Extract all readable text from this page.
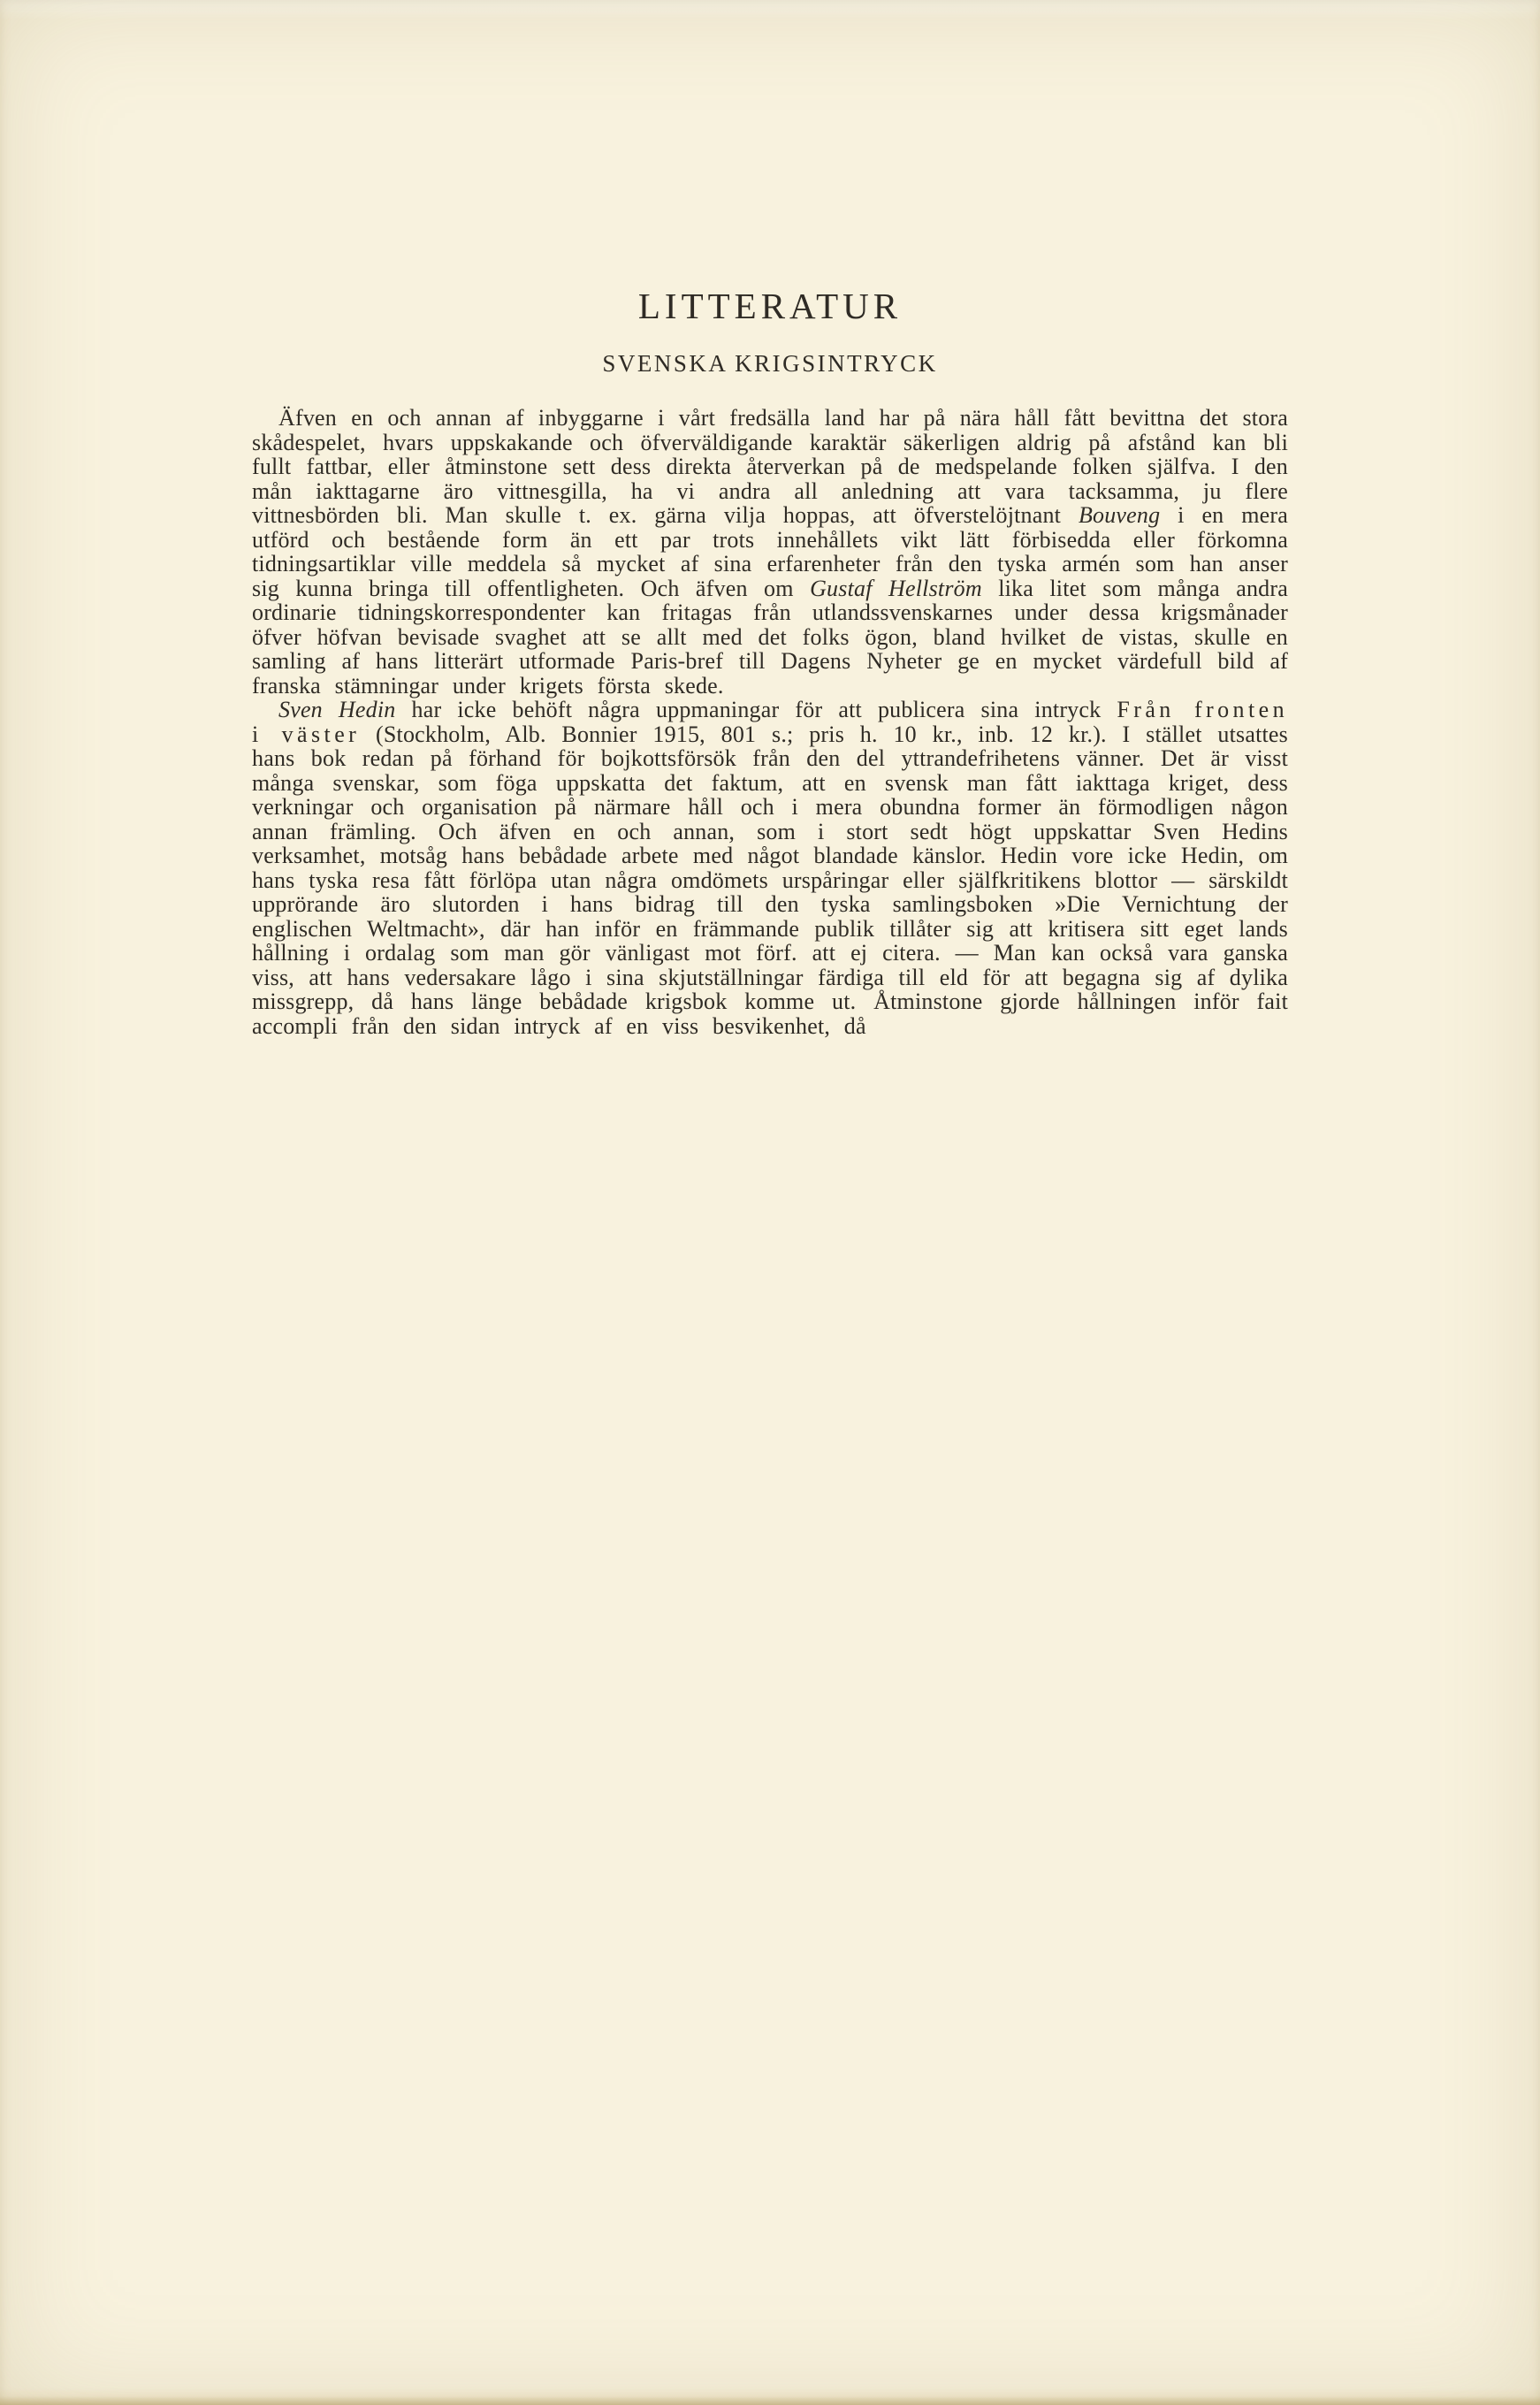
LITTERATUR
SVENSKA KRIGSINTRYCK

Äfven en och annan af inbyggarne i vårt fredsälla land har på nära håll fått bevittna det stora skådespelet, hvars uppskakande och öfverväldigande karaktär säkerligen aldrig på afstånd kan bli fullt fattbar, eller åtminstone sett dess direkta återverkan på de medspelande folken själfva. I den mån iakttagarne äro vittnesgilla, ha vi andra all anledning att vara tacksamma, ju flere vittnesbörden bli. Man skulle t. ex. gärna vilja hoppas, att öfverstelöjtnant Bouveng i en mera utförd och bestående form än ett par trots innehållets vikt lätt förbisedda eller förkomna tidningsartiklar ville meddela så mycket af sina erfarenheter från den tyska armén som han anser sig kunna bringa till offentligheten. Och äfven om Gustaf Hellström lika litet som många andra ordinarie tidningskorrespondenter kan fritagas från utlandssvenskarnes under dessa krigsmånader öfver höfvan bevisade svaghet att se allt med det folks ögon, bland hvilket de vistas, skulle en samling af hans litterärt utformade Paris-bref till Dagens Nyheter ge en mycket värdefull bild af franska stämningar under krigets första skede.

Sven Hedin har icke behöft några uppmaningar för att publicera sina intryck Från fronten i väster (Stockholm, Alb. Bonnier 1915, 801 s.; pris h. 10 kr., inb. 12 kr.). I stället utsattes hans bok redan på förhand för bojkottsförsök från den del yttrandefrihetens vänner. Det är visst många svenskar, som föga uppskatta det faktum, att en svensk man fått iakttaga kriget, dess verkningar och organisation på närmare håll och i mera obundna former än förmodligen någon annan främling. Och äfven en och annan, som i stort sedt högt uppskattar Sven Hedins verksamhet, motsåg hans bebådade arbete med något blandade känslor. Hedin vore icke Hedin, om hans tyska resa fått förlöpa utan några omdömets urspåringar eller själfkritikens blottor — särskildt upprörande äro slutorden i hans bidrag till den tyska samlingsboken »Die Vernichtung der englischen Weltmacht», där han inför en främmande publik tillåter sig att kritisera sitt eget lands hållning i ordalag som man gör vänligast mot förf. att ej citera. — Man kan också vara ganska viss, att hans vedersakare lågo i sina skjutställningar färdiga till eld för att begagna sig af dylika missgrepp, då hans länge bebådade krigsbok komme ut. Åtminstone gjorde hållningen inför fait accompli från den sidan intryck af en viss besvikenhet, då
